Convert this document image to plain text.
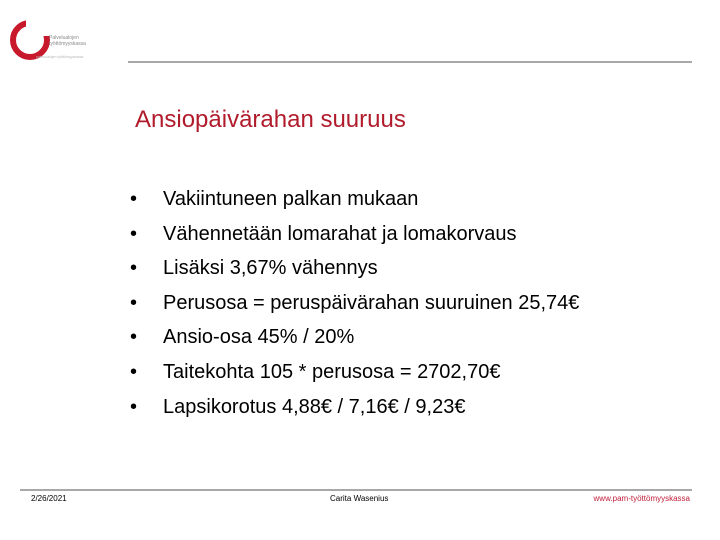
Palvelualojen
työttömyyskassa
palvelualojen työttömyyskassa
Ansiopäivärahan suuruus
•	Vakiintuneen palkan mukaan
•	Vähennetään lomarahat ja lomakorvaus
•	Lisäksi 3,67% vähennys
•	Perusosa = peruspäivärahan suuruinen 25,74€
•	Ansio-osa 45% / 20%
•	Taitekohta 105 * perusosa = 2702,70€
•	Lapsikorotus 4,88€ / 7,16€ / 9,23€
2/26/2021	Carita Wasenius	www.pam-työttömyyskassa
